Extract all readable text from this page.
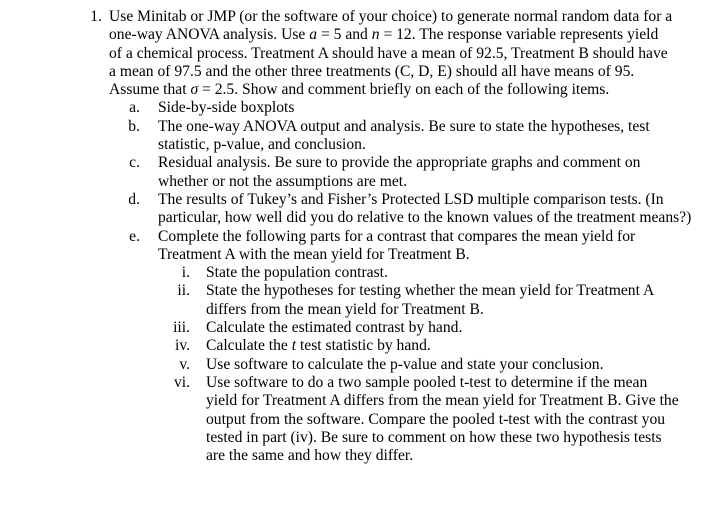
1. Use Minitab or JMP (or the software of your choice) to generate normal random data for a one-way ANOVA analysis. Use a = 5 and n = 12. The response variable represents yield of a chemical process. Treatment A should have a mean of 92.5, Treatment B should have a mean of 97.5 and the other three treatments (C, D, E) should all have means of 95. Assume that σ = 2.5. Show and comment briefly on each of the following items.
a. Side-by-side boxplots
b. The one-way ANOVA output and analysis. Be sure to state the hypotheses, test statistic, p-value, and conclusion.
c. Residual analysis. Be sure to provide the appropriate graphs and comment on whether or not the assumptions are met.
d. The results of Tukey’s and Fisher’s Protected LSD multiple comparison tests. (In particular, how well did you do relative to the known values of the treatment means?)
e. Complete the following parts for a contrast that compares the mean yield for Treatment A with the mean yield for Treatment B.
i. State the population contrast.
ii. State the hypotheses for testing whether the mean yield for Treatment A differs from the mean yield for Treatment B.
iii. Calculate the estimated contrast by hand.
iv. Calculate the t test statistic by hand.
v. Use software to calculate the p-value and state your conclusion.
vi. Use software to do a two sample pooled t-test to determine if the mean yield for Treatment A differs from the mean yield for Treatment B. Give the output from the software. Compare the pooled t-test with the contrast you tested in part (iv). Be sure to comment on how these two hypothesis tests are the same and how they differ.
